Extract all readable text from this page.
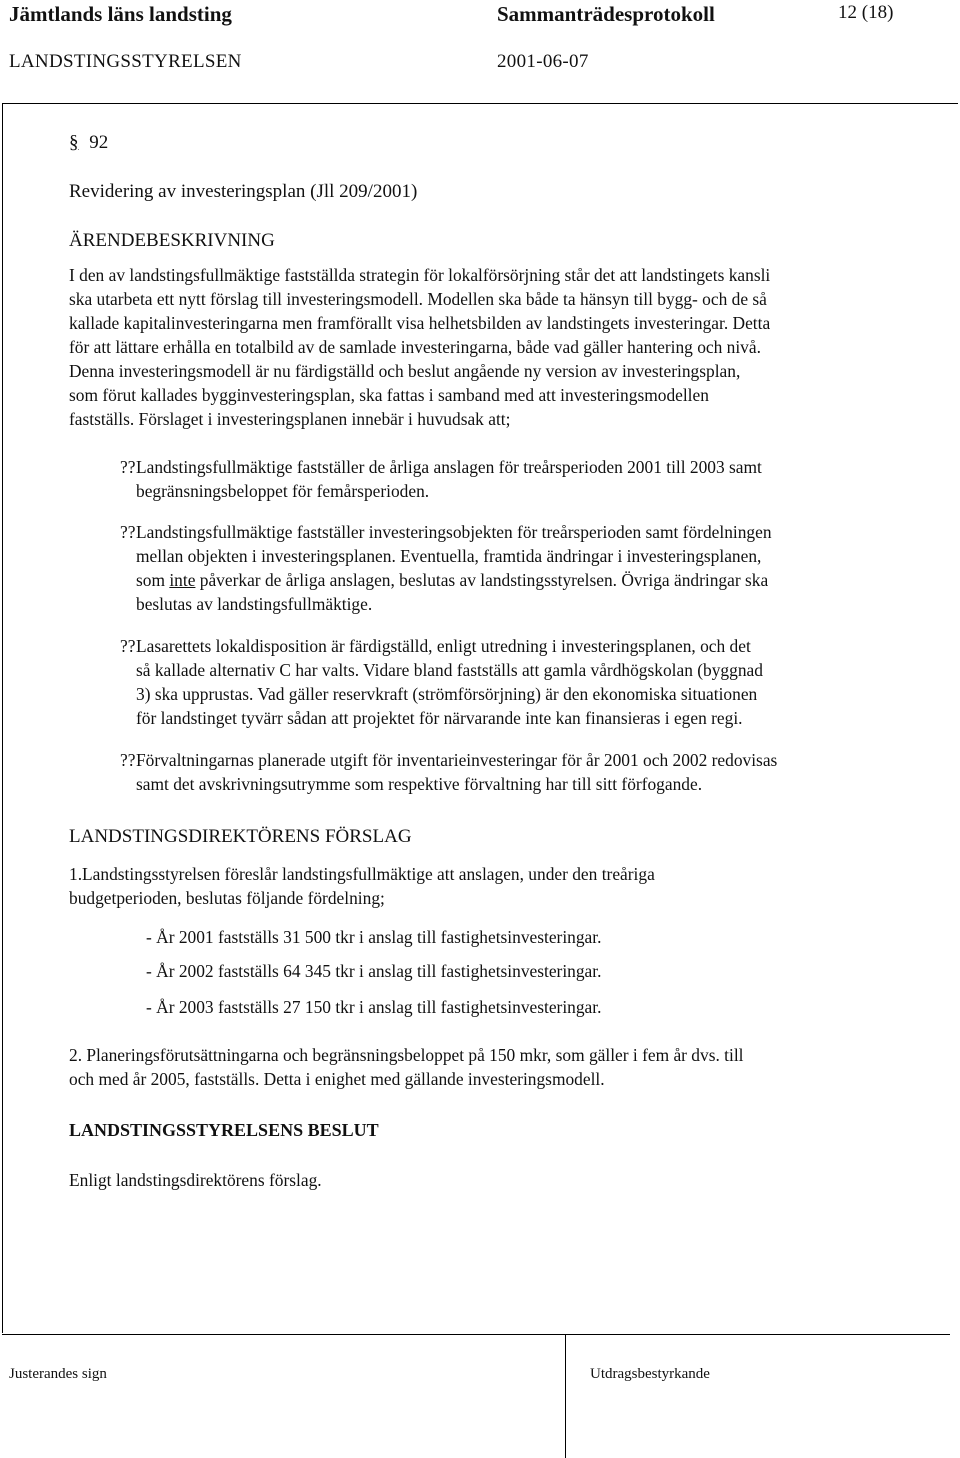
Jämtlands läns landsting	Sammanträdesprotokoll	12 (18)
LANDSTINGSSTYRELSEN	2001-06-07
§ 92
Revidering av investeringsplan (Jll 209/2001)
ÄRENDEBESKRIVNING
I den av landstingsfullmäktige fastställda strategin för lokalförsörjning står det att landstingets kansli
ska utarbeta ett nytt förslag till investeringsmodell. Modellen ska både ta hänsyn till bygg- och de så
kallade kapitalinvesteringarna men framförallt visa helhetsbilden av landstingets investeringar. Detta
för att lättare erhålla en totalbild av de samlade investeringarna, både vad gäller hantering och nivå.
Denna investeringsmodell är nu färdigställd och beslut angående ny version av investeringsplan,
som förut kallades bygginvesteringsplan, ska fattas i samband med att investeringsmodellen
fastställs. Förslaget i investeringsplanen innebär i huvudsak att;
?? Landstingsfullmäktige fastställer de årliga anslagen för treårsperioden 2001 till 2003 samt
begränsningsbeloppet för femårsperioden.
?? Landstingsfullmäktige fastställer investeringsobjekten för treårsperioden samt fördelningen
mellan objekten i investeringsplanen. Eventuella, framtida ändringar i investeringsplanen,
som inte påverkar de årliga anslagen, beslutas av landstingsstyrelsen. Övriga ändringar ska
beslutas av landstingsfullmäktige.
?? Lasarettets lokaldisposition är färdigställd, enligt utredning i investeringsplanen, och det
så kallade alternativ C har valts. Vidare bland fastställs att gamla vårdhögskolan (byggnad
3) ska upprustas. Vad gäller reservkraft (strömförsörjning) är den ekonomiska situationen
för landstinget tyvärr sådan att projektet för närvarande inte kan finansieras i egen regi.
?? Förvaltningarnas planerade utgift för inventarieinvesteringar för år 2001 och 2002 redovisas
samt det avskrivningsutrymme som respektive förvaltning har till sitt förfogande.
LANDSTINGSDIREKTÖRENS FÖRSLAG
1.Landstingsstyrelsen föreslår landstingsfullmäktige att anslagen, under den treåriga
budgetperioden, beslutas följande fördelning;
- År 2001 fastställs 31 500 tkr i anslag till fastighetsinvesteringar.
- År 2002 fastställs 64 345 tkr i anslag till fastighetsinvesteringar.
- År 2003 fastställs 27 150 tkr i anslag till fastighetsinvesteringar.
2. Planeringsförutsättningarna och begränsningsbeloppet på 150 mkr, som gäller i fem år dvs. till
och med år 2005, fastställs. Detta i enighet med gällande investeringsmodell.
LANDSTINGSSTYRELSENS BESLUT
Enligt landstingsdirektörens förslag.
Justerandes sign	Utdragsbestyrkande
